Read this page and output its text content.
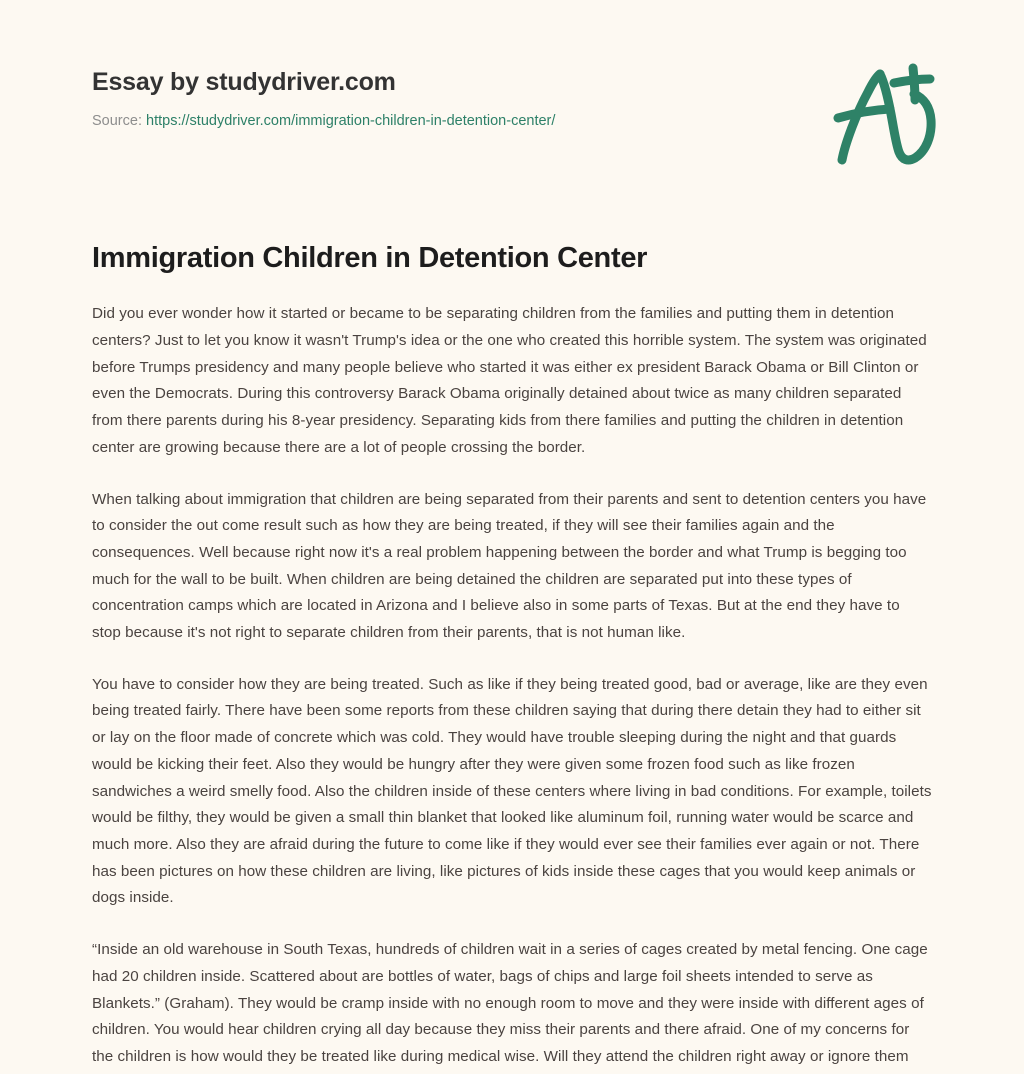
Essay by studydriver.com
Source: https://studydriver.com/immigration-children-in-detention-center/
Immigration Children in Detention Center

Did you ever wonder how it started or became to be separating children from the families and putting them in detention centers? Just to let you know it wasn't Trump's idea or the one who created this horrible system. The system was originated before Trumps presidency and many people believe who started it was either ex president Barack Obama or Bill Clinton or even the Democrats. During this controversy Barack Obama originally detained about twice as many children separated from there parents during his 8-year presidency. Separating kids from there families and putting the children in detention center are growing because there are a lot of people crossing the border.

When talking about immigration that children are being separated from their parents and sent to detention centers you have to consider the out come result such as how they are being treated, if they will see their families again and the consequences. Well because right now it's a real problem happening between the border and what Trump is begging too much for the wall to be built. When children are being detained the children are separated put into these types of concentration camps which are located in Arizona and I believe also in some parts of Texas. But at the end they have to stop because it's not right to separate children from their parents, that is not human like.

You have to consider how they are being treated. Such as like if they being treated good, bad or average, like are they even being treated fairly. There have been some reports from these children saying that during there detain they had to either sit or lay on the floor made of concrete which was cold. They would have trouble sleeping during the night and that guards would be kicking their feet. Also they would be hungry after they were given some frozen food such as like frozen sandwiches a weird smelly food. Also the children inside of these centers where living in bad conditions. For example, toilets would be filthy, they would be given a small thin blanket that looked like aluminum foil, running water would be scarce and much more. Also they are afraid during the future to come like if they would ever see their families ever again or not. There has been pictures on how these children are living, like pictures of kids inside these cages that you would keep animals or dogs inside.

“Inside an old warehouse in South Texas, hundreds of children wait in a series of cages created by metal fencing. One cage had 20 children inside. Scattered about are bottles of water, bags of chips and large foil sheets intended to serve as Blankets.” (Graham). They would be cramp inside with no enough room to move and they were inside with different ages of children. You would hear children crying all day because they miss their parents and there afraid. One of my concerns for the children is how would they be treated like during medical wise. Will they attend the children right away or ignore them
